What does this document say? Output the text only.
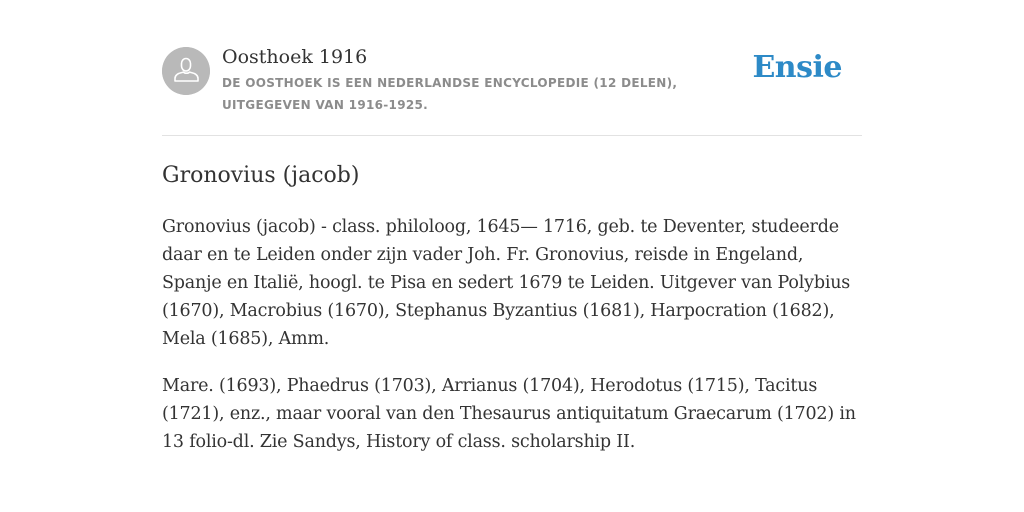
Oosthoek 1916
DE OOSTHOEK IS EEN NEDERLANDSE ENCYCLOPEDIE (12 DELEN), UITGEGEVEN VAN 1916-1925.
Ensie
Gronovius (jacob)

Gronovius (jacob) - class. philoloog, 1645— 1716, geb. te Deventer, studeerde daar en te Leiden onder zijn vader Joh. Fr. Gronovius, reisde in Engeland, Spanje en Italië, hoogl. te Pisa en sedert 1679 te Leiden. Uitgever van Polybius (1670), Macrobius (1670), Stephanus Byzantius (1681), Harpocration (1682), Mela (1685), Amm.

Mare. (1693), Phaedrus (1703), Arrianus (1704), Herodotus (1715), Tacitus (1721), enz., maar vooral van den Thesaurus antiquitatum Graecarum (1702) in 13 folio-dl. Zie Sandys, History of class. scholarship II.
